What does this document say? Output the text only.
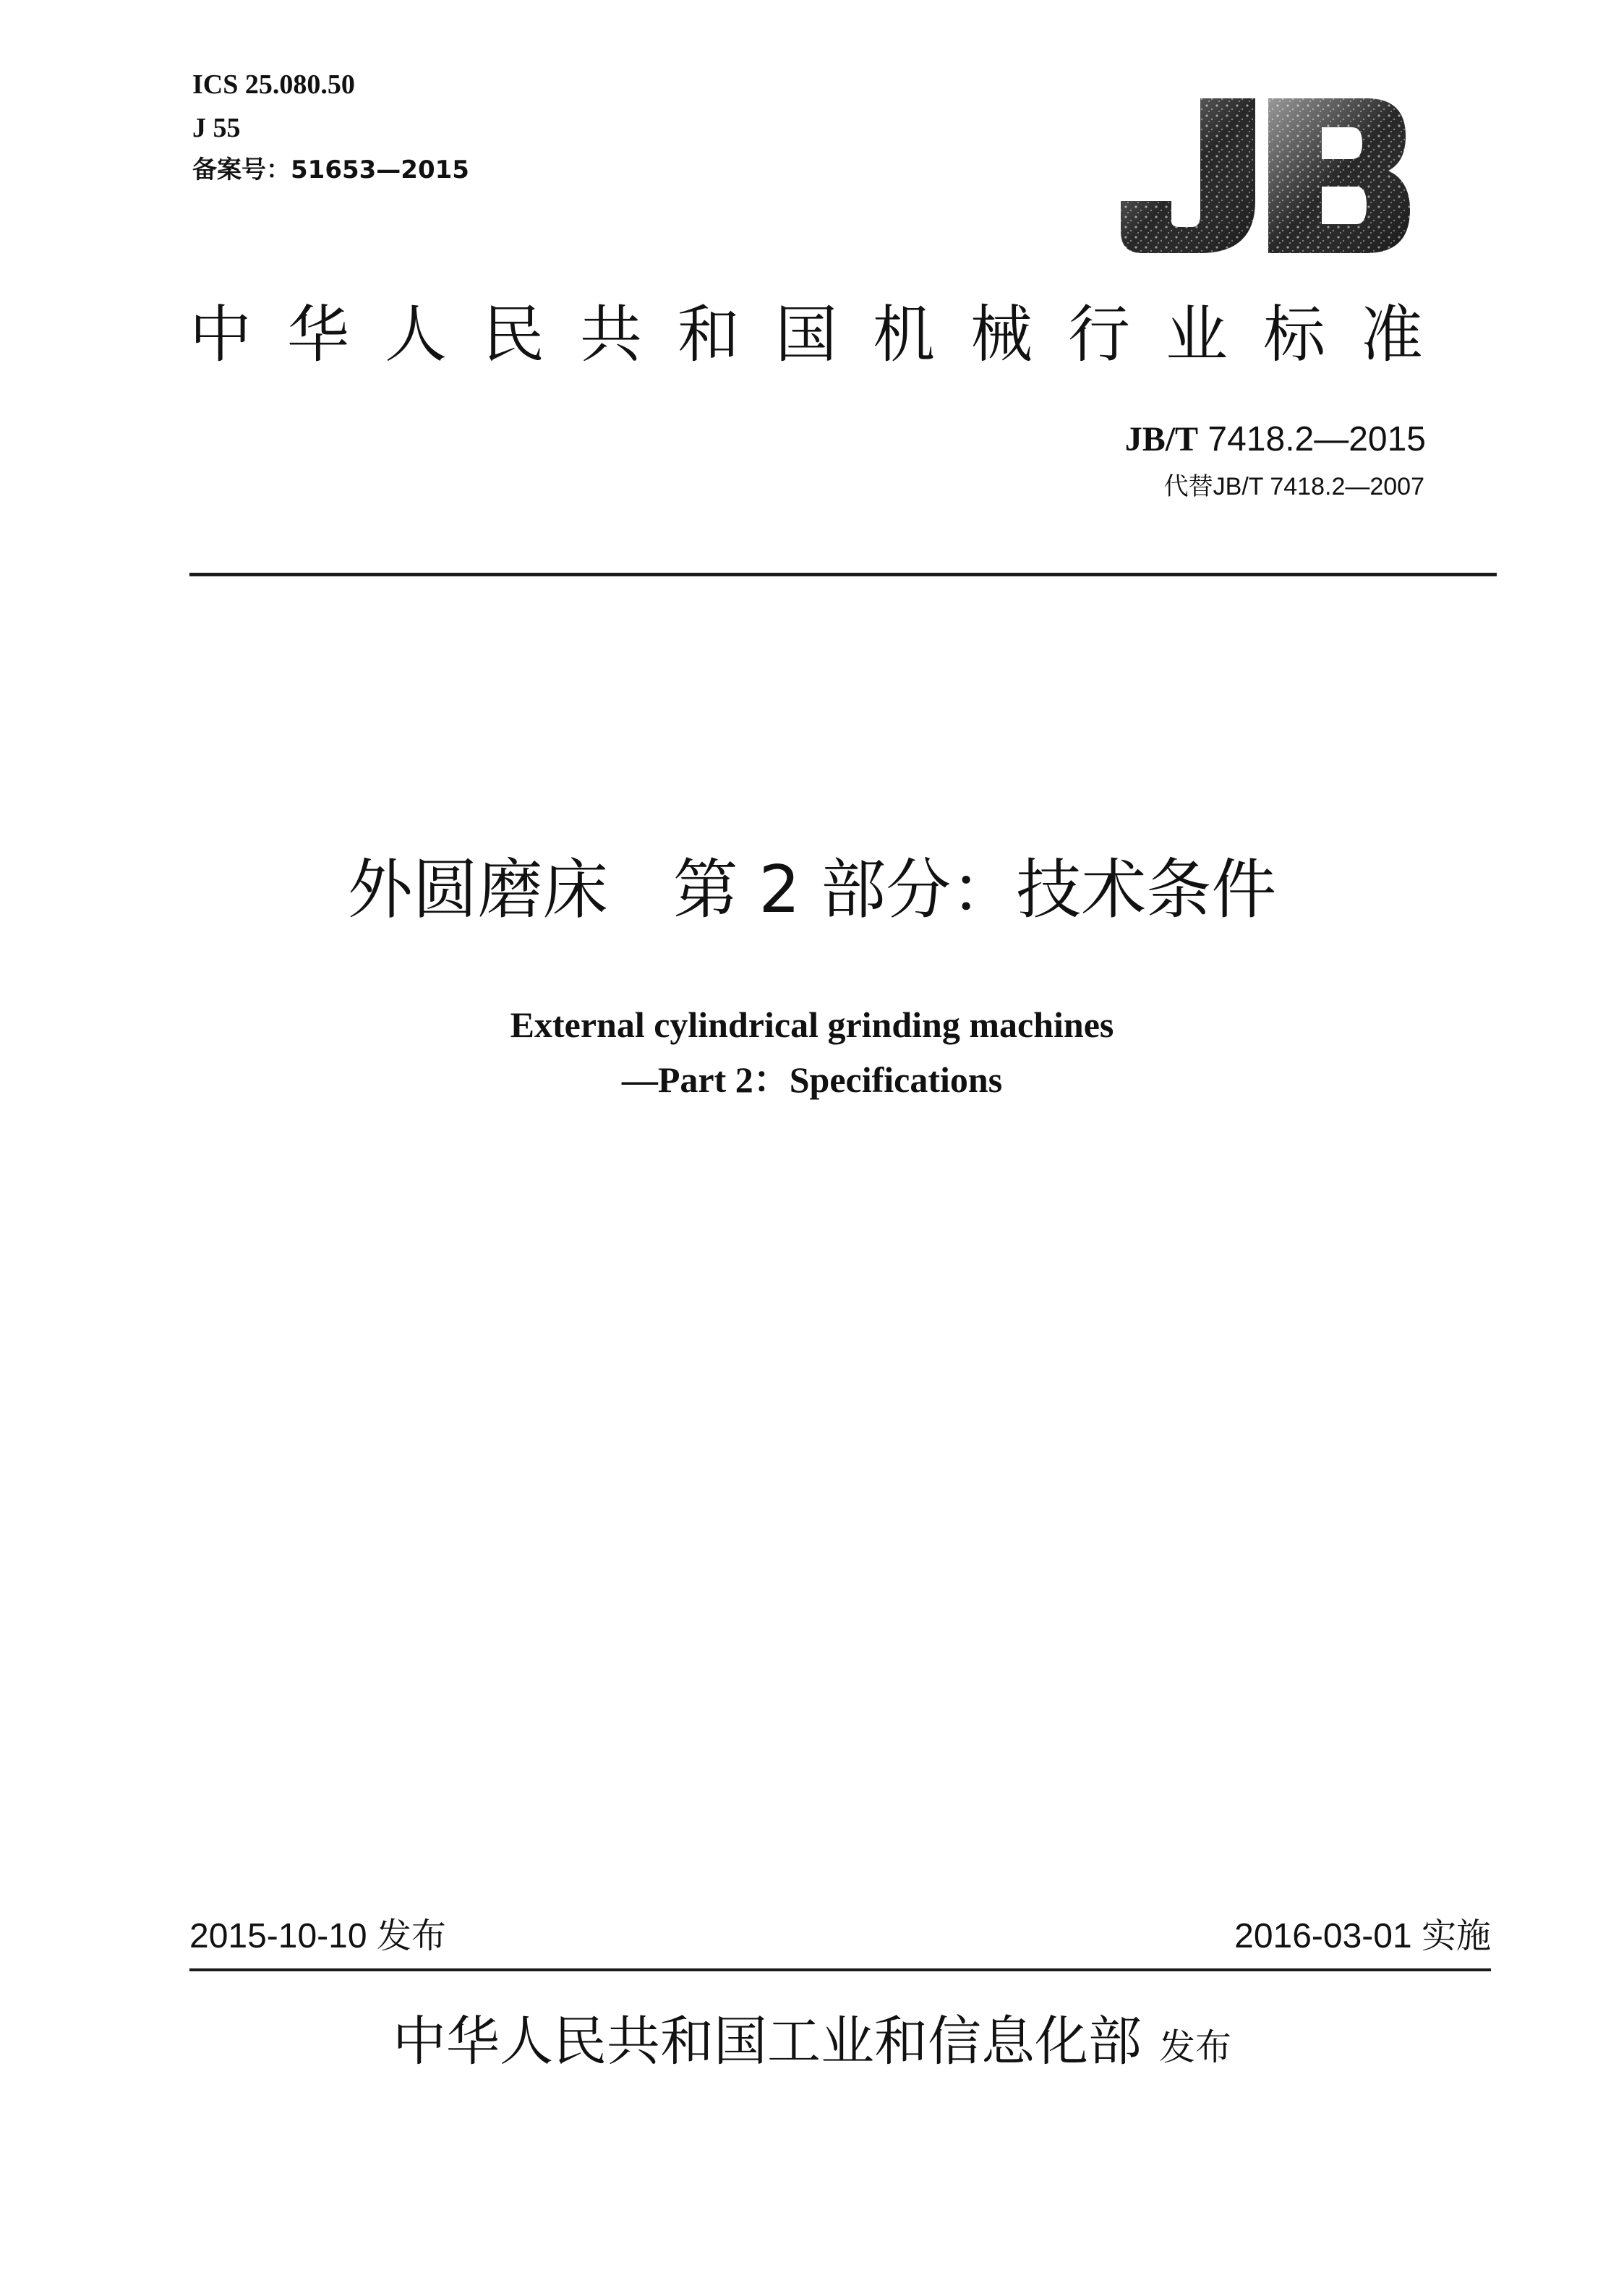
ICS 25.080.50
J 55
备案号：51653—2015
中华人民共和国机械行业标准
JB/T 7418.2—2015
代替JB/T 7418.2—2007
外圆磨床　第 2 部分：技术条件
External cylindrical grinding machines
—Part 2：Specifications
2015-10-10 发布	2016-03-01 实施
中华人民共和国工业和信息化部 发布
